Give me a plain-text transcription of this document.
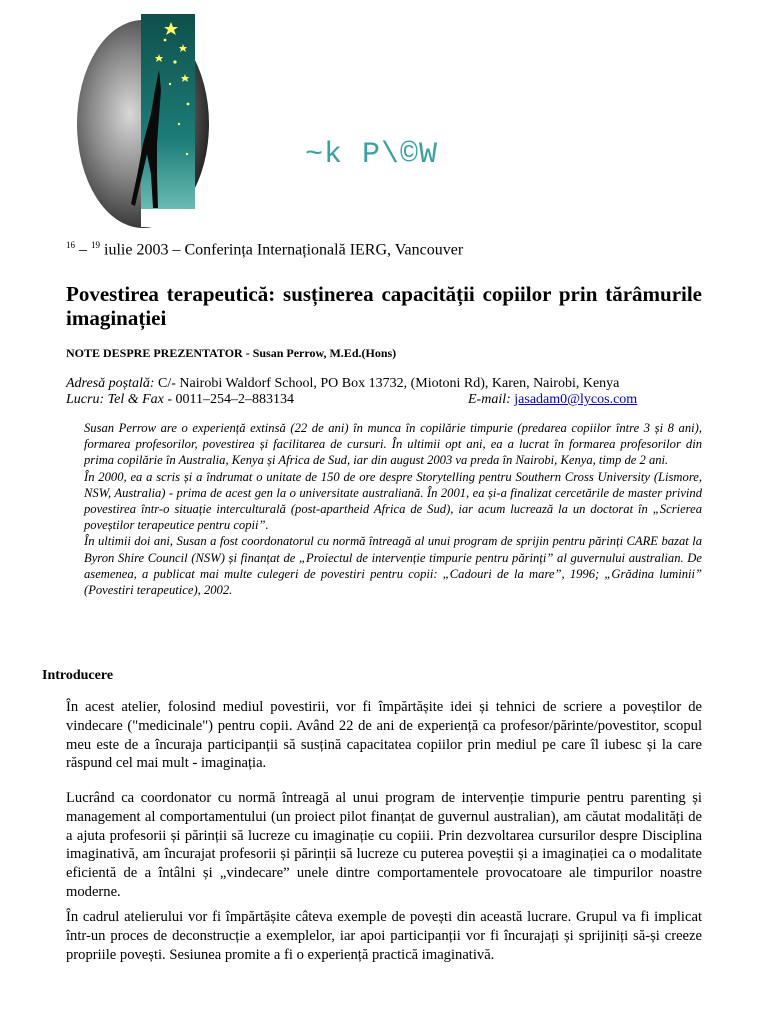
~k P\©W
$^{16}$ – $^{19}$ iulie 2003 – Conferința Internațională IERG, Vancouver
Povestirea terapeutică: susținerea capacității copiilor prin tărâmurile imaginației
NOTE DESPRE PREZENTATOR - Susan Perrow, M.Ed.(Hons)
Adresă poștală: C/- Nairobi Waldorf School, PO Box 13732, (Miotoni Rd), Karen, Nairobi, Kenya
Lucru: Tel & Fax - 0011–254–2–883134	E-mail: jasadam0@lycos.com

Susan Perrow are o experiență extinsă (22 de ani) în munca în copilărie timpurie (predarea copiilor între 3 și 8 ani), formarea profesorilor, povestirea și facilitarea de cursuri. În ultimii opt ani, ea a lucrat în formarea profesorilor din prima copilărie în Australia, Kenya și Africa de Sud, iar din august 2003 va preda în Nairobi, Kenya, timp de 2 ani.

În 2000, ea a scris și a îndrumat o unitate de 150 de ore despre Storytelling pentru Southern Cross University (Lismore, NSW, Australia) - prima de acest gen la o universitate australiană. În 2001, ea și-a finalizat cercetările de master privind povestirea într-o situație interculturală (post-apartheid Africa de Sud), iar acum lucrează la un doctorat în „Scrierea poveștilor terapeutice pentru copii”.

În ultimii doi ani, Susan a fost coordonatorul cu normă întreagă al unui program de sprijin pentru părinți CARE bazat la Byron Shire Council (NSW) și finanțat de „Proiectul de intervenție timpurie pentru părinți” al guvernului australian. De asemenea, a publicat mai multe culegeri de povestiri pentru copii: „Cadouri de la mare”, 1996; „Grădina luminii” (Povestiri terapeutice), 2002.

Introducere

În acest atelier, folosind mediul povestirii, vor fi împărtășite idei și tehnici de scriere a poveștilor de vindecare ("medicinale") pentru copii. Având 22 de ani de experiență ca profesor/părinte/povestitor, scopul meu este de a încuraja participanții să susțină capacitatea copiilor prin mediul pe care îl iubesc și la care răspund cel mai mult - imaginația.

Lucrând ca coordonator cu normă întreagă al unui program de intervenție timpurie pentru parenting și management al comportamentului (un proiect pilot finanțat de guvernul australian), am căutat modalități de a ajuta profesorii și părinții să lucreze cu imaginație cu copiii. Prin dezvoltarea cursurilor despre Disciplina imaginativă, am încurajat profesorii și părinții să lucreze cu puterea poveștii și a imaginației ca o modalitate eficientă de a întâlni și „vindecare” unele dintre comportamentele provocatoare ale timpurilor noastre moderne.

În cadrul atelierului vor fi împărtășite câteva exemple de povești din această lucrare. Grupul va fi implicat într-un proces de deconstrucție a exemplelor, iar apoi participanții vor fi încurajați și sprijiniți să-și creeze propriile povești. Sesiunea promite a fi o experiență practică imaginativă.
